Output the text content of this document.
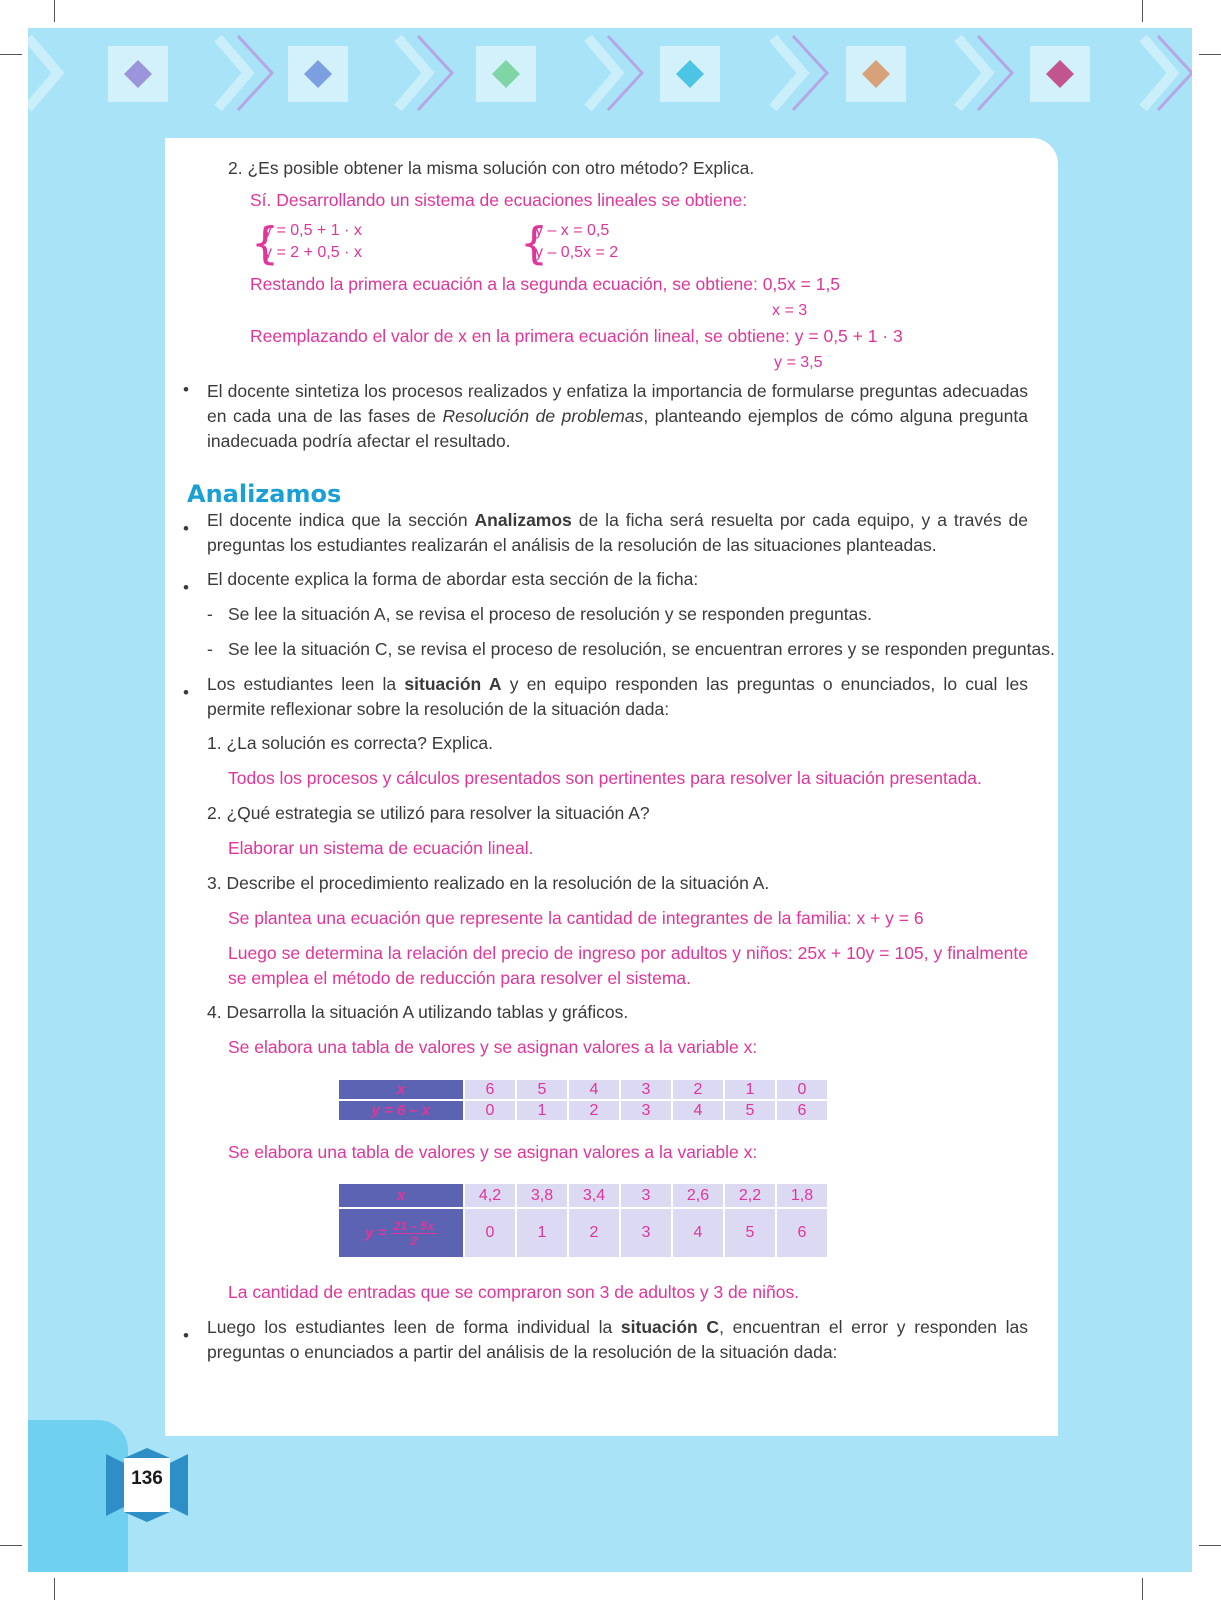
136
2. ¿Es posible obtener la misma solución con otro método? Explica.
Sí. Desarrollando un sistema de ecuaciones lineales se obtiene:
{
y = 0,5 + 1 · x
y = 2 + 0,5 · x	{
y – x = 0,5
y – 0,5x = 2
Restando la primera ecuación a la segunda ecuación, se obtiene: 0,5x = 1,5
x = 3
Reemplazando el valor de x en la primera ecuación lineal, se obtiene: y = 0,5 + 1 · 3
y = 3,5
• El docente sintetiza los procesos realizados y enfatiza la importancia de formularse preguntas adecuadas en cada una de las fases de Resolución de problemas, planteando ejemplos de cómo alguna pregunta inadecuada podría afectar el resultado.
Analizamos
• El docente indica que la sección Analizamos de la ficha será resuelta por cada equipo, y a través de preguntas los estudiantes realizarán el análisis de la resolución de las situaciones planteadas.
• El docente explica la forma de abordar esta sección de la ficha:
- Se lee la situación A, se revisa el proceso de resolución y se responden preguntas.
- Se lee la situación C, se revisa el proceso de resolución, se encuentran errores y se responden preguntas.
• Los estudiantes leen la situación A y en equipo responden las preguntas o enunciados, lo cual les permite reflexionar sobre la resolución de la situación dada:
1. ¿La solución es correcta? Explica.
Todos los procesos y cálculos presentados son pertinentes para resolver la situación presentada.
2. ¿Qué estrategia se utilizó para resolver la situación A?
Elaborar un sistema de ecuación lineal.
3. Describe el procedimiento realizado en la resolución de la situación A.
Se plantea una ecuación que represente la cantidad de integrantes de la familia: x + y = 6
Luego se determina la relación del precio de ingreso por adultos y niños: 25x + 10y = 105, y finalmente se emplea el método de reducción para resolver el sistema.
4. Desarrolla la situación A utilizando tablas y gráficos.
Se elabora una tabla de valores y se asignan valores a la variable x:
x	6	5	4	3	2	1	0
y = 6 – x	0	1	2	3	4	5	6
Se elabora una tabla de valores y se asignan valores a la variable x:
x	4,2	3,8	3,4	3	2,6	2,2	1,8
$y = \frac{21 - 5x}{2}$	0	1	2	3	4	5	6
La cantidad de entradas que se compraron son 3 de adultos y 3 de niños.
• Luego los estudiantes leen de forma individual la situación C, encuentran el error y responden las preguntas o enunciados a partir del análisis de la resolución de la situación dada:
